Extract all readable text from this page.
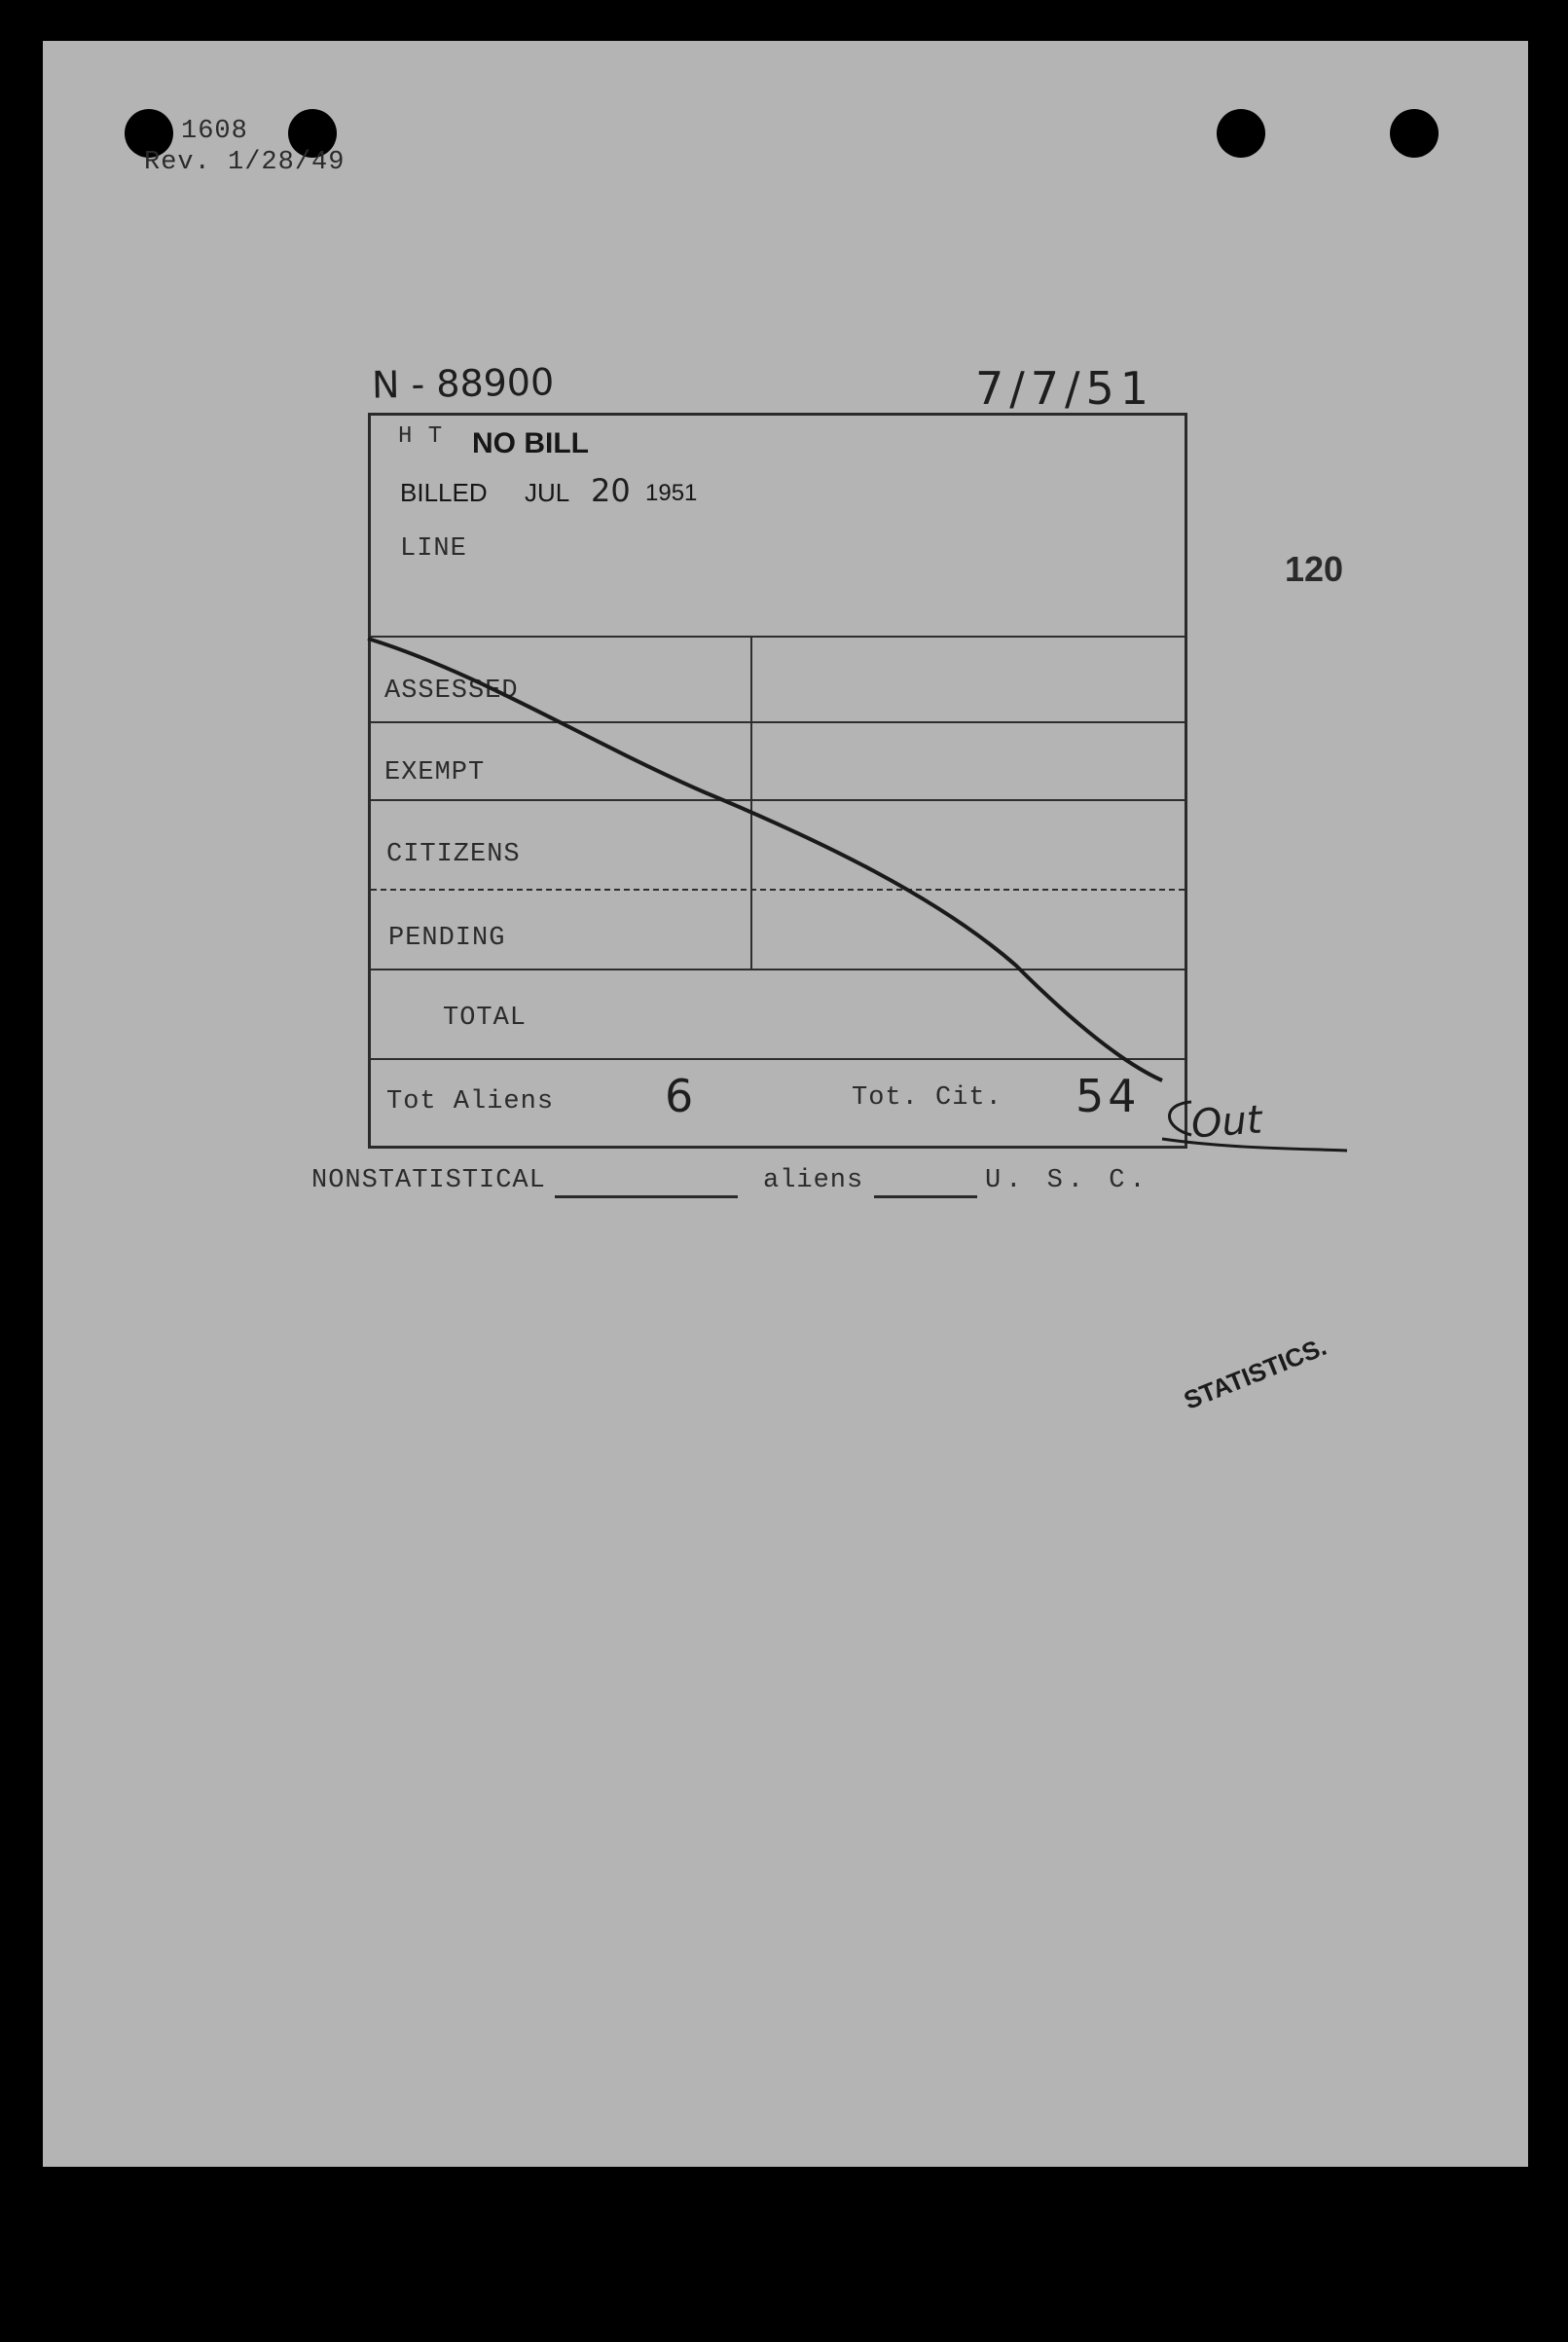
1608
Rev. 1/28/49
N - 88900	7/7/51
120
H T NO BILL
BILLED JUL 20 1951
LINE
ASSESSED
EXEMPT
CITIZENS
PENDING
TOTAL
Tot Aliens 6	Tot. Cit. 54 Out
NONSTATISTICAL	aliens	U. S. C.
STATISTICS.
